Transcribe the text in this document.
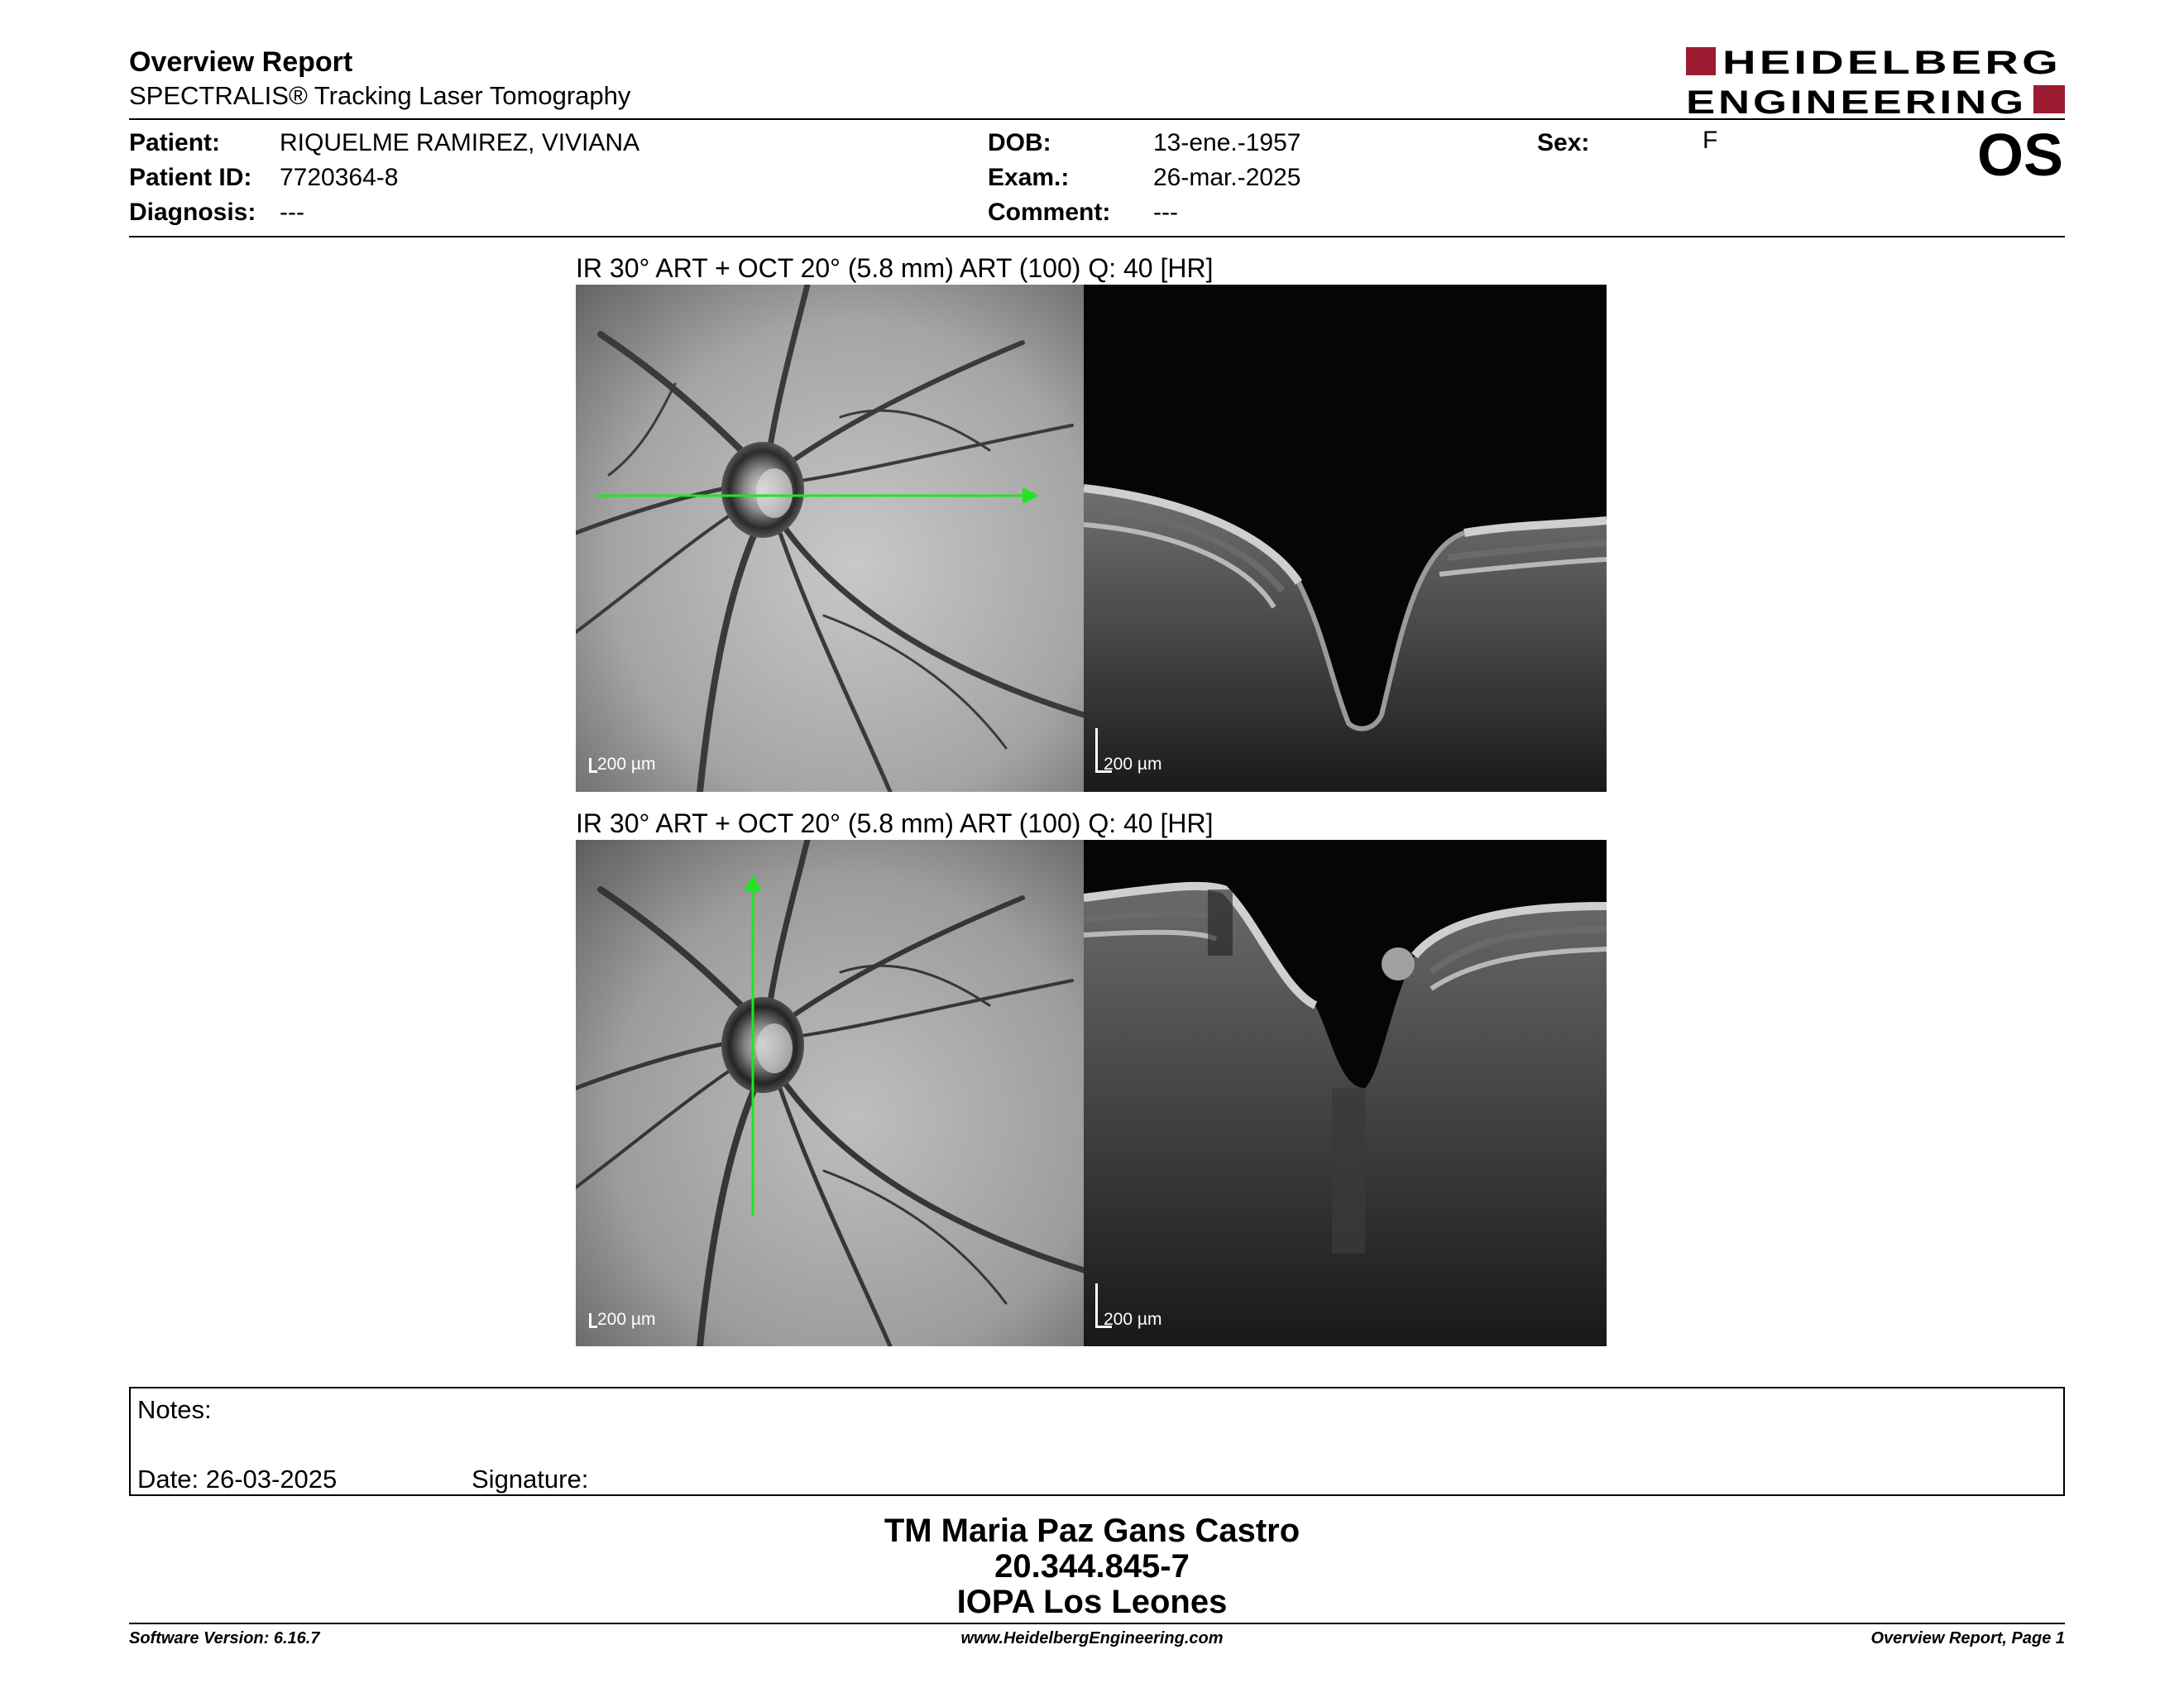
Overview Report
SPECTRALIS® Tracking Laser Tomography
HEIDELBERG
ENGINEERING
OS
Patient: RIQUELME RAMIREZ, VIVIANA
Patient ID: 7720364-8
Diagnosis: ---
DOB:	13-ene.-1957
Exam.:	26-mar.-2025
Comment: ---
Sex:	F
IR 30° ART + OCT 20° (5.8 mm) ART (100) Q: 40 [HR]
200 µm	200 µm
IR 30° ART + OCT 20° (5.8 mm) ART (100) Q: 40 [HR]
200 µm	200 µm
Notes:
Date: 26-03-2025	Signature:
TM Maria Paz Gans Castro
20.344.845-7
IOPA Los Leones
Software Version: 6.16.7	www.HeidelbergEngineering.com	Overview Report, Page 1
